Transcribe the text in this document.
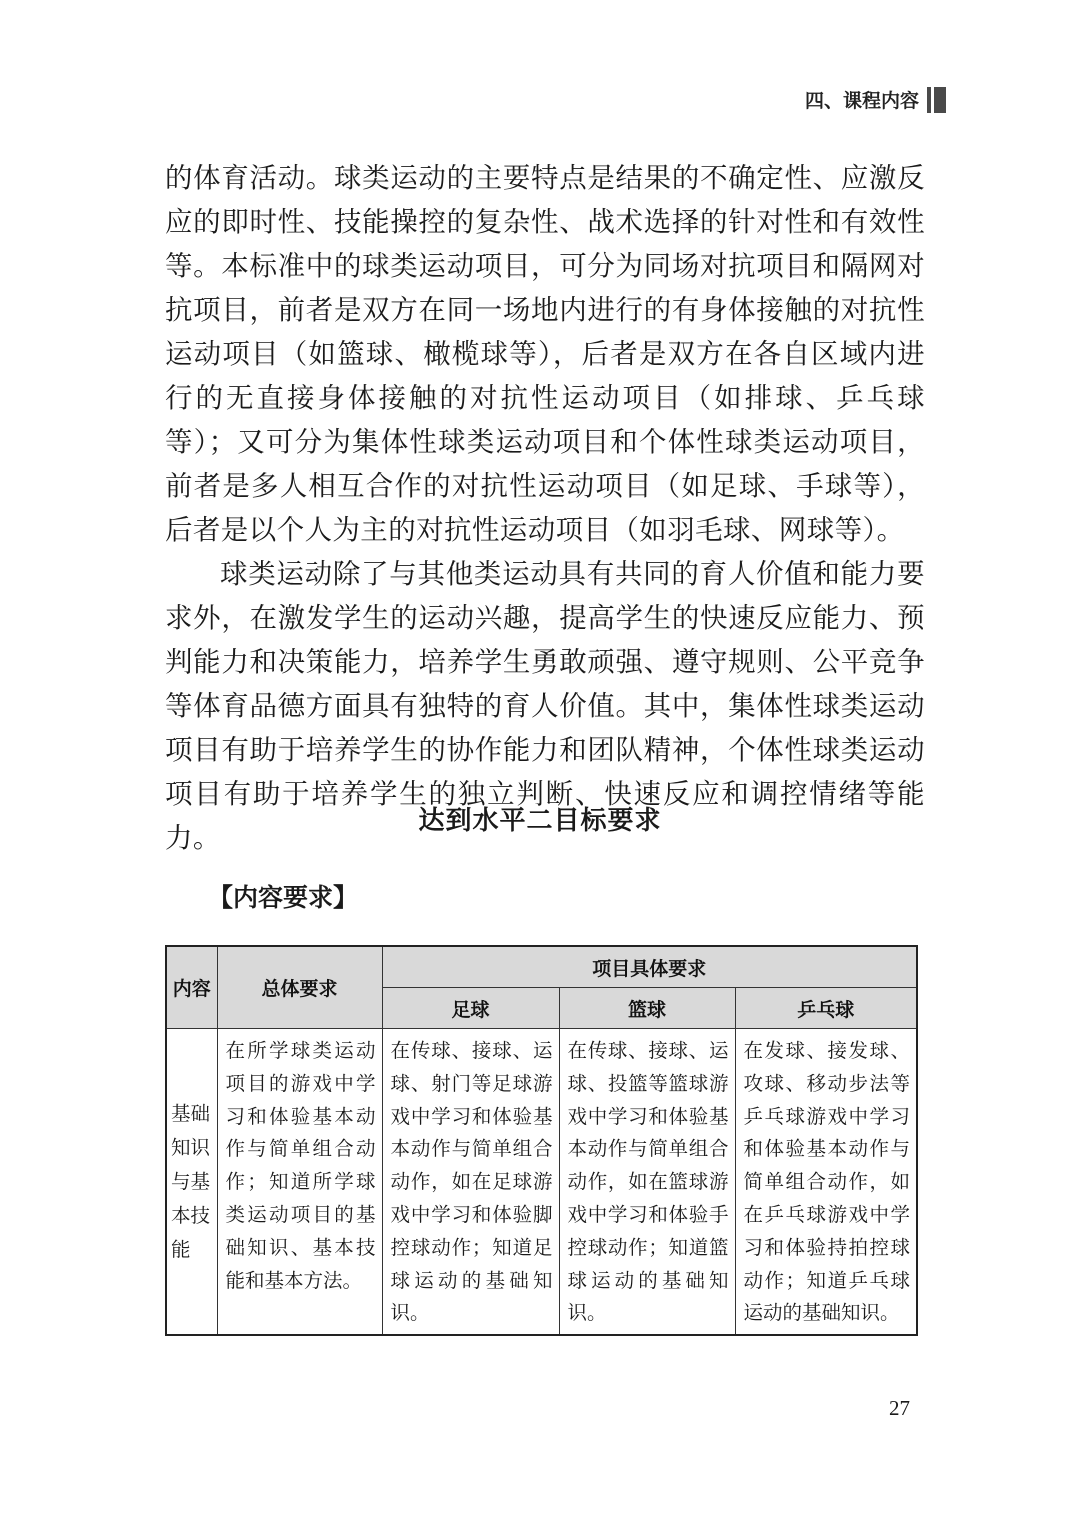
四、课程内容

的体育活动。球类运动的主要特点是结果的不确定性、应激反应的即时性、技能操控的复杂性、战术选择的针对性和有效性等。本标准中的球类运动项目，可分为同场对抗项目和隔网对抗项目，前者是双方在同一场地内进行的有身体接触的对抗性运动项目（如篮球、橄榄球等），后者是双方在各自区域内进行的无直接身体接触的对抗性运动项目（如排球、乒乓球等）；又可分为集体性球类运动项目和个体性球类运动项目，前者是多人相互合作的对抗性运动项目（如足球、手球等），后者是以个人为主的对抗性运动项目（如羽毛球、网球等）。

球类运动除了与其他类运动具有共同的育人价值和能力要求外，在激发学生的运动兴趣，提高学生的快速反应能力、预判能力和决策能力，培养学生勇敢顽强、遵守规则、公平竞争等体育品德方面具有独特的育人价值。其中，集体性球类运动项目有助于培养学生的协作能力和团队精神，个体性球类运动项目有助于培养学生的独立判断、快速反应和调控情绪等能力。

达到水平二目标要求
【内容要求】
内容	总体要求	项目具体要求		
		足球	篮球	乒乓球
基础知识与基本技能	在所学球类运动项目的游戏中学习和体验基本动作与简单组合动作；知道所学球类运动项目的基础知识、基本技能和基本方法。	在传球、接球、运球、射门等足球游戏中学习和体验基本动作与简单组合动作，如在足球游戏中学习和体验脚控球动作；知道足球运动的基础知识。	在传球、接球、运球、投篮等篮球游戏中学习和体验基本动作与简单组合动作，如在篮球游戏中学习和体验手控球动作；知道篮球运动的基础知识。	在发球、接发球、攻球、移动步法等乒乓球游戏中学习和体验基本动作与简单组合动作，如在乒乓球游戏中学习和体验持拍控球动作；知道乒乓球运动的基础知识。
27
